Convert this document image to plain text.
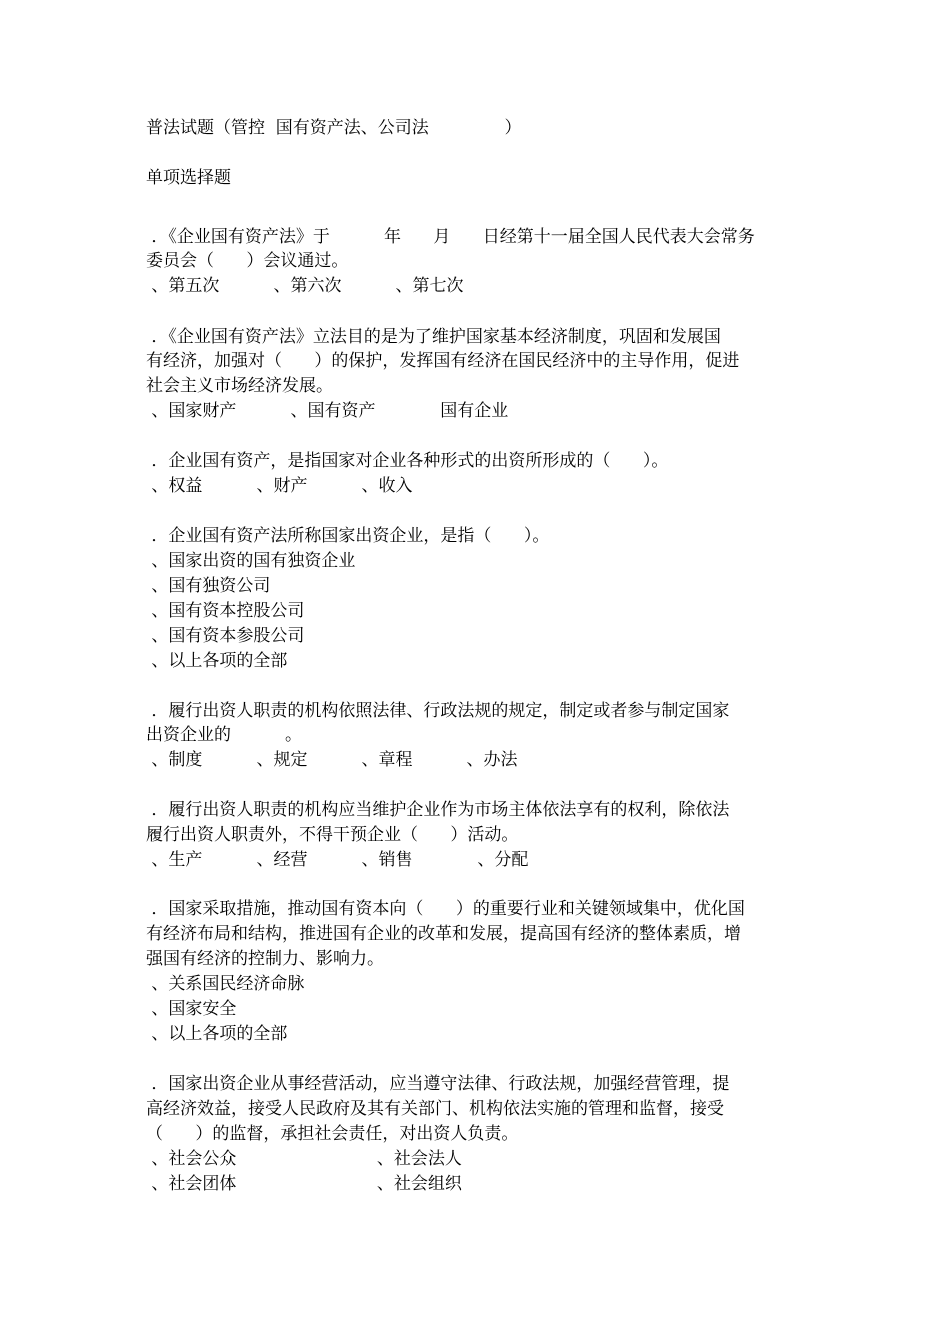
普法试题（管控  国有资产法、公司法              ）
单项选择题
．《企业国有资产法》于          年      月      日经第十一届全国人民代表大会常务
委员会（      ）会议通过。
、第五次          、第六次          、第七次
．《企业国有资产法》立法目的是为了维护国家基本经济制度，巩固和发展国
有经济，加强对（      ）的保护，发挥国有经济在国民经济中的主导作用，促进
社会主义市场经济发展。
、国家财产          、国有资产            国有企业
．企业国有资产，是指国家对企业各种形式的出资所形成的（      ）。
、权益          、财产          、收入
．企业国有资产法所称国家出资企业，是指（      ）。
、国家出资的国有独资企业
、国有独资公司
、国有资本控股公司
、国有资本参股公司
、以上各项的全部
．履行出资人职责的机构依照法律、行政法规的规定，制定或者参与制定国家
出资企业的          。
、制度          、规定          、章程          、办法
．履行出资人职责的机构应当维护企业作为市场主体依法享有的权利，除依法
履行出资人职责外，不得干预企业（      ）活动。
、生产          、经营          、销售            、分配
．国家采取措施，推动国有资本向（      ）的重要行业和关键领域集中，优化国
有经济布局和结构，推进国有企业的改革和发展，提高国有经济的整体素质，增
强国有经济的控制力、影响力。
、关系国民经济命脉
、国家安全
、以上各项的全部
．国家出资企业从事经营活动，应当遵守法律、行政法规，加强经营管理，提
高经济效益，接受人民政府及其有关部门、机构依法实施的管理和监督，接受
（      ）的监督，承担社会责任，对出资人负责。
、社会公众                          、社会法人
、社会团体                          、社会组织
